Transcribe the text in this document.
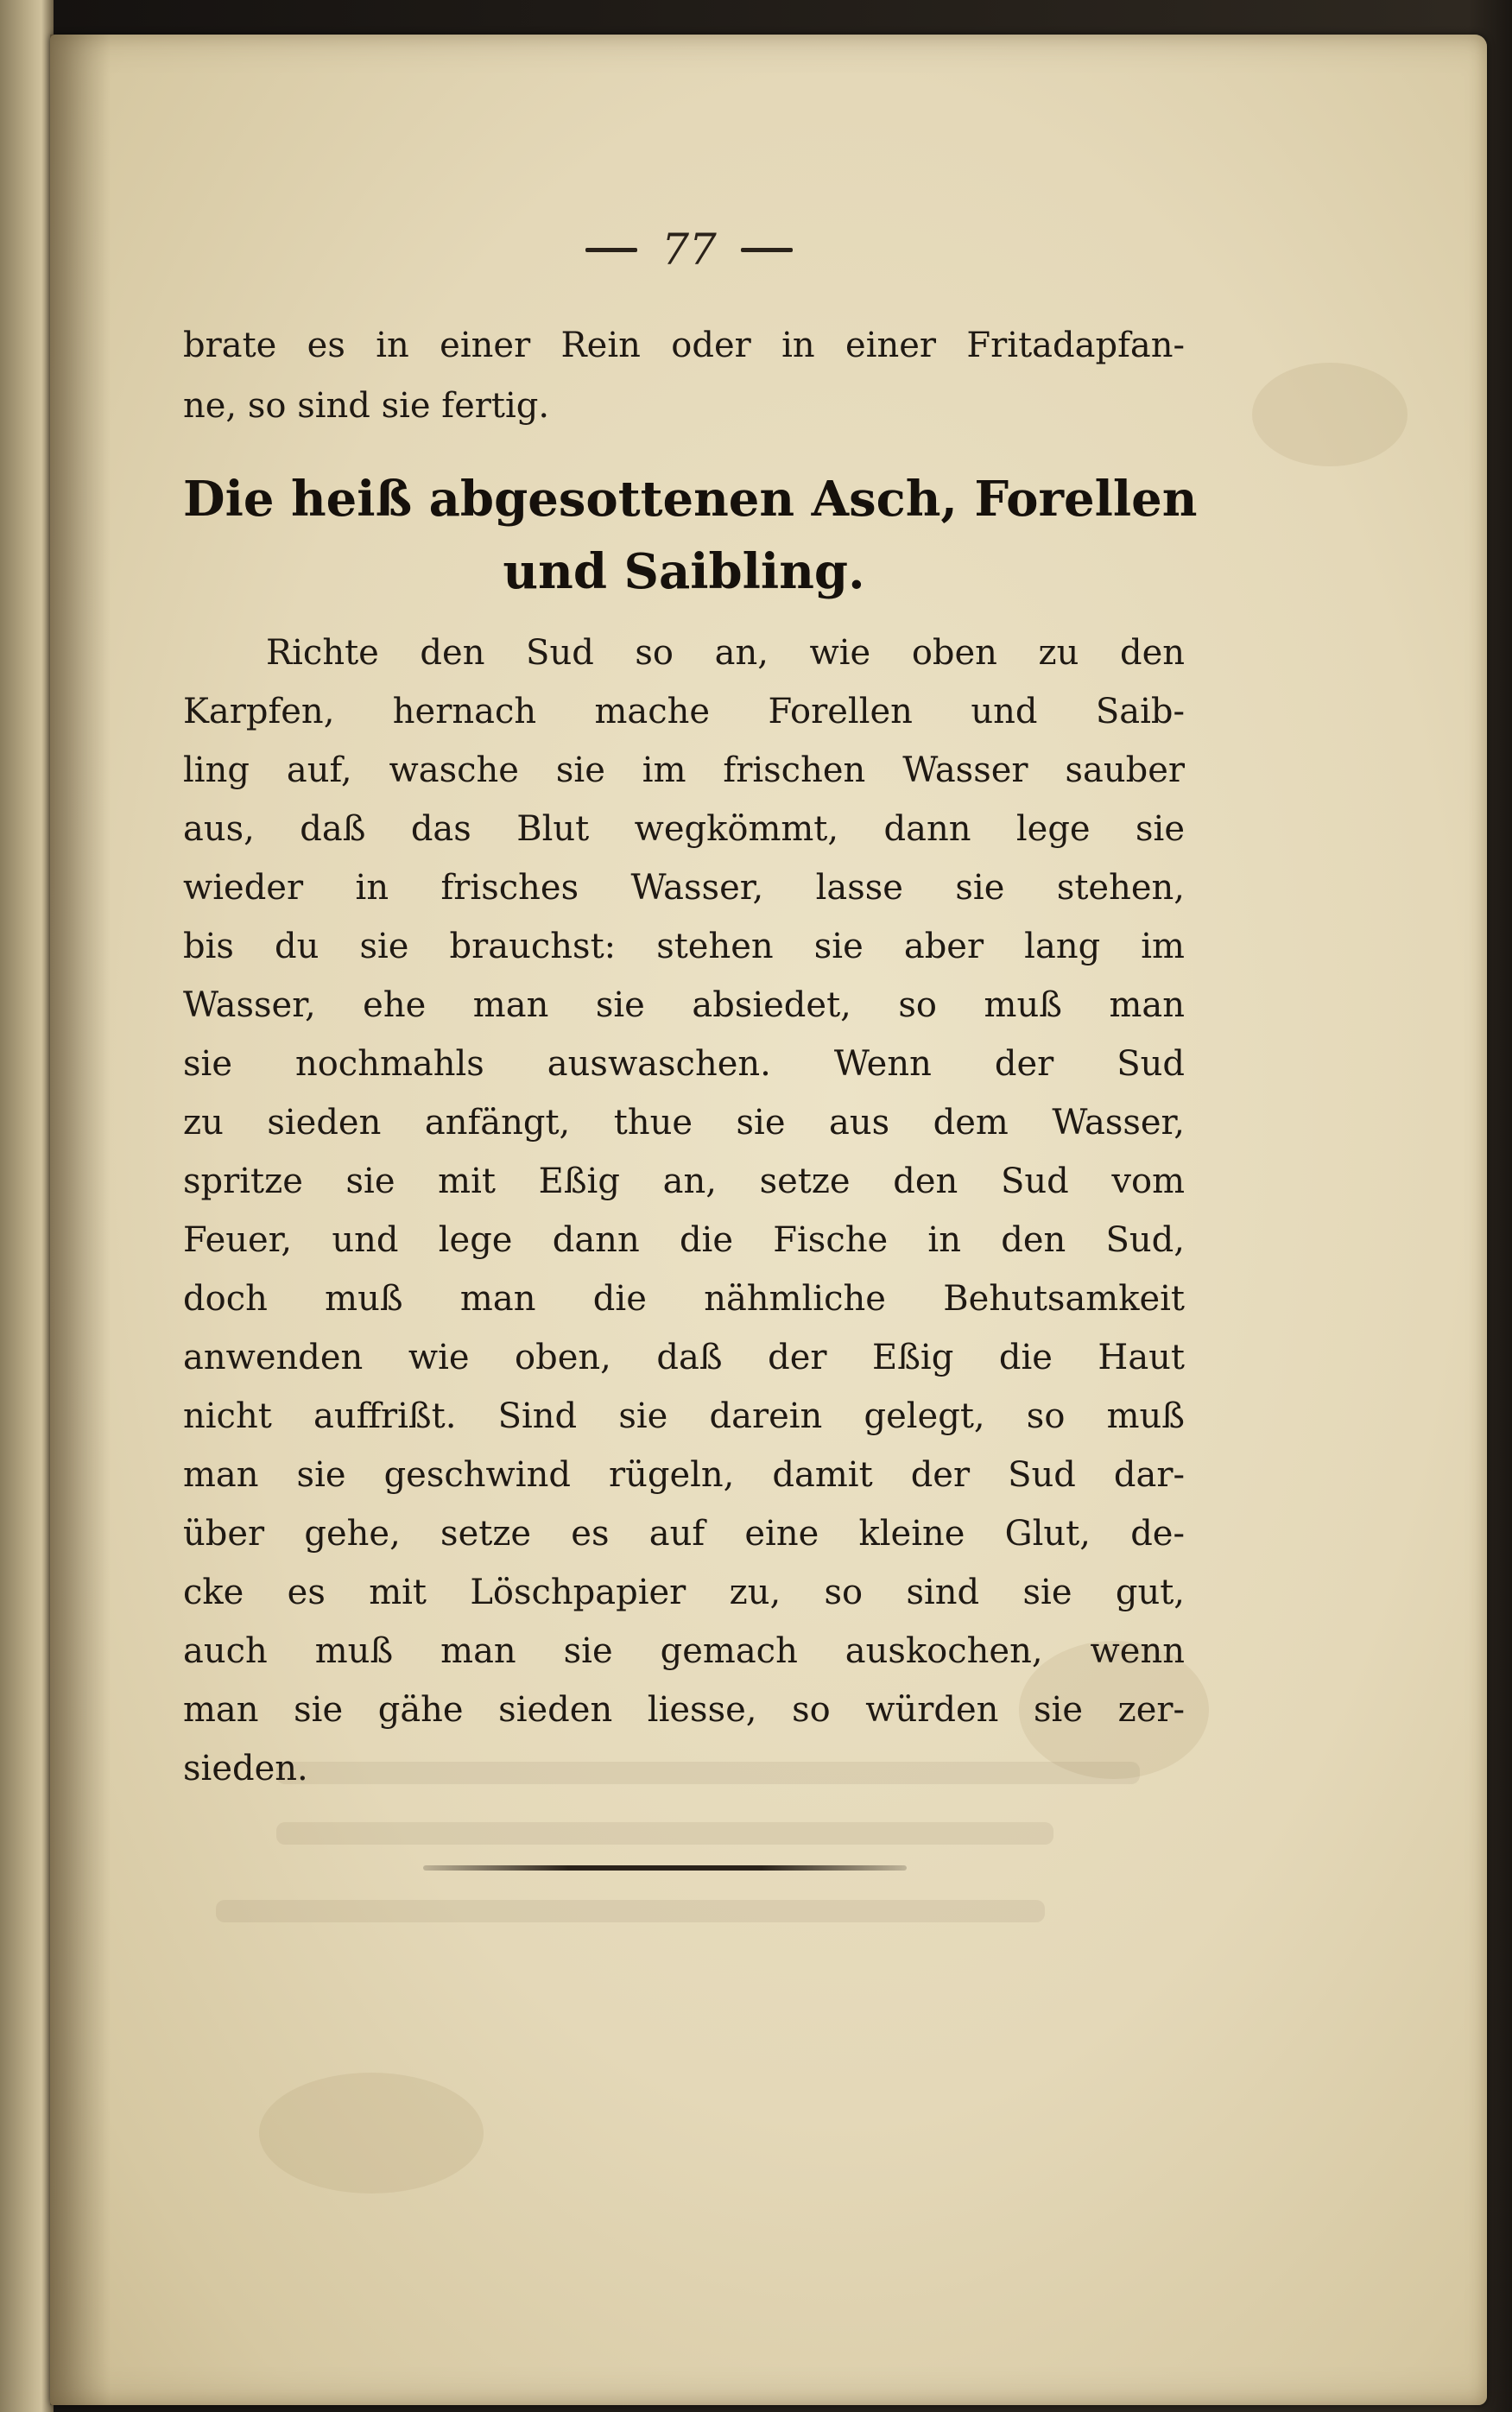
77
brate es in einer Rein oder in einer Fritadapfan-
ne, so sind sie fertig.
Die heiß abgesottenen Asch, Forellen
und Saibling.
Richte den Sud so an, wie oben zu den
Karpfen, hernach mache Forellen und Saib-
ling auf, wasche sie im frischen Wasser sauber
aus, daß das Blut wegkömmt, dann lege sie
wieder in frisches Wasser, lasse sie stehen,
bis du sie brauchst: stehen sie aber lang im
Wasser, ehe man sie absiedet, so muß man
sie nochmahls auswaschen. Wenn der Sud
zu sieden anfängt, thue sie aus dem Wasser,
spritze sie mit Eßig an, setze den Sud vom
Feuer, und lege dann die Fische in den Sud,
doch muß man die nähmliche Behutsamkeit
anwenden wie oben, daß der Eßig die Haut
nicht auffrißt. Sind sie darein gelegt, so muß
man sie geschwind rügeln, damit der Sud dar-
über gehe, setze es auf eine kleine Glut, de-
cke es mit Löschpapier zu, so sind sie gut,
auch muß man sie gemach auskochen, wenn
man sie gähe sieden liesse, so würden sie zer-
sieden.
